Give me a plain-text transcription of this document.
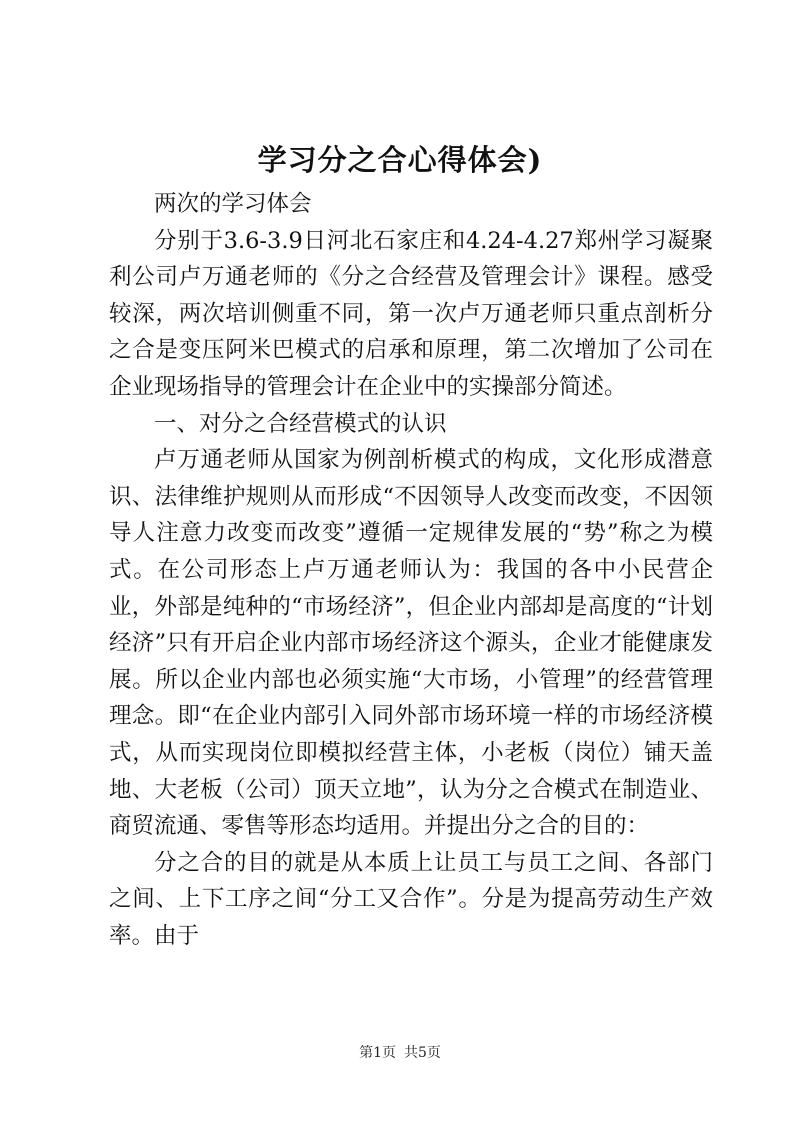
学习分之合心得体会)

两次的学习体会

分别于3.6-3.9日河北石家庄和4.24-4.27郑州学习凝聚利公司卢万通老师的《分之合经营及管理会计》课程。感受较深，两次培训侧重不同，第一次卢万通老师只重点剖析分之合是变压阿米巴模式的启承和原理，第二次增加了公司在企业现场指导的管理会计在企业中的实操部分简述。

一、对分之合经营模式的认识

卢万通老师从国家为例剖析模式的构成，文化形成潜意识、法律维护规则从而形成“不因领导人改变而改变，不因领导人注意力改变而改变”遵循一定规律发展的“势”称之为模式。在公司形态上卢万通老师认为：我国的各中小民营企业，外部是纯种的“市场经济”，但企业内部却是高度的“计划经济”只有开启企业内部市场经济这个源头，企业才能健康发展。所以企业内部也必须实施“大市场，小管理”的经营管理理念。即“在企业内部引入同外部市场环境一样的市场经济模式，从而实现岗位即模拟经营主体，小老板（岗位）铺天盖地、大老板（公司）顶天立地”，认为分之合模式在制造业、商贸流通、零售等形态均适用。并提出分之合的目的：

分之合的目的就是从本质上让员工与员工之间、各部门之间、上下工序之间“分工又合作”。分是为提高劳动生产效率。由于

第1页 共5页
